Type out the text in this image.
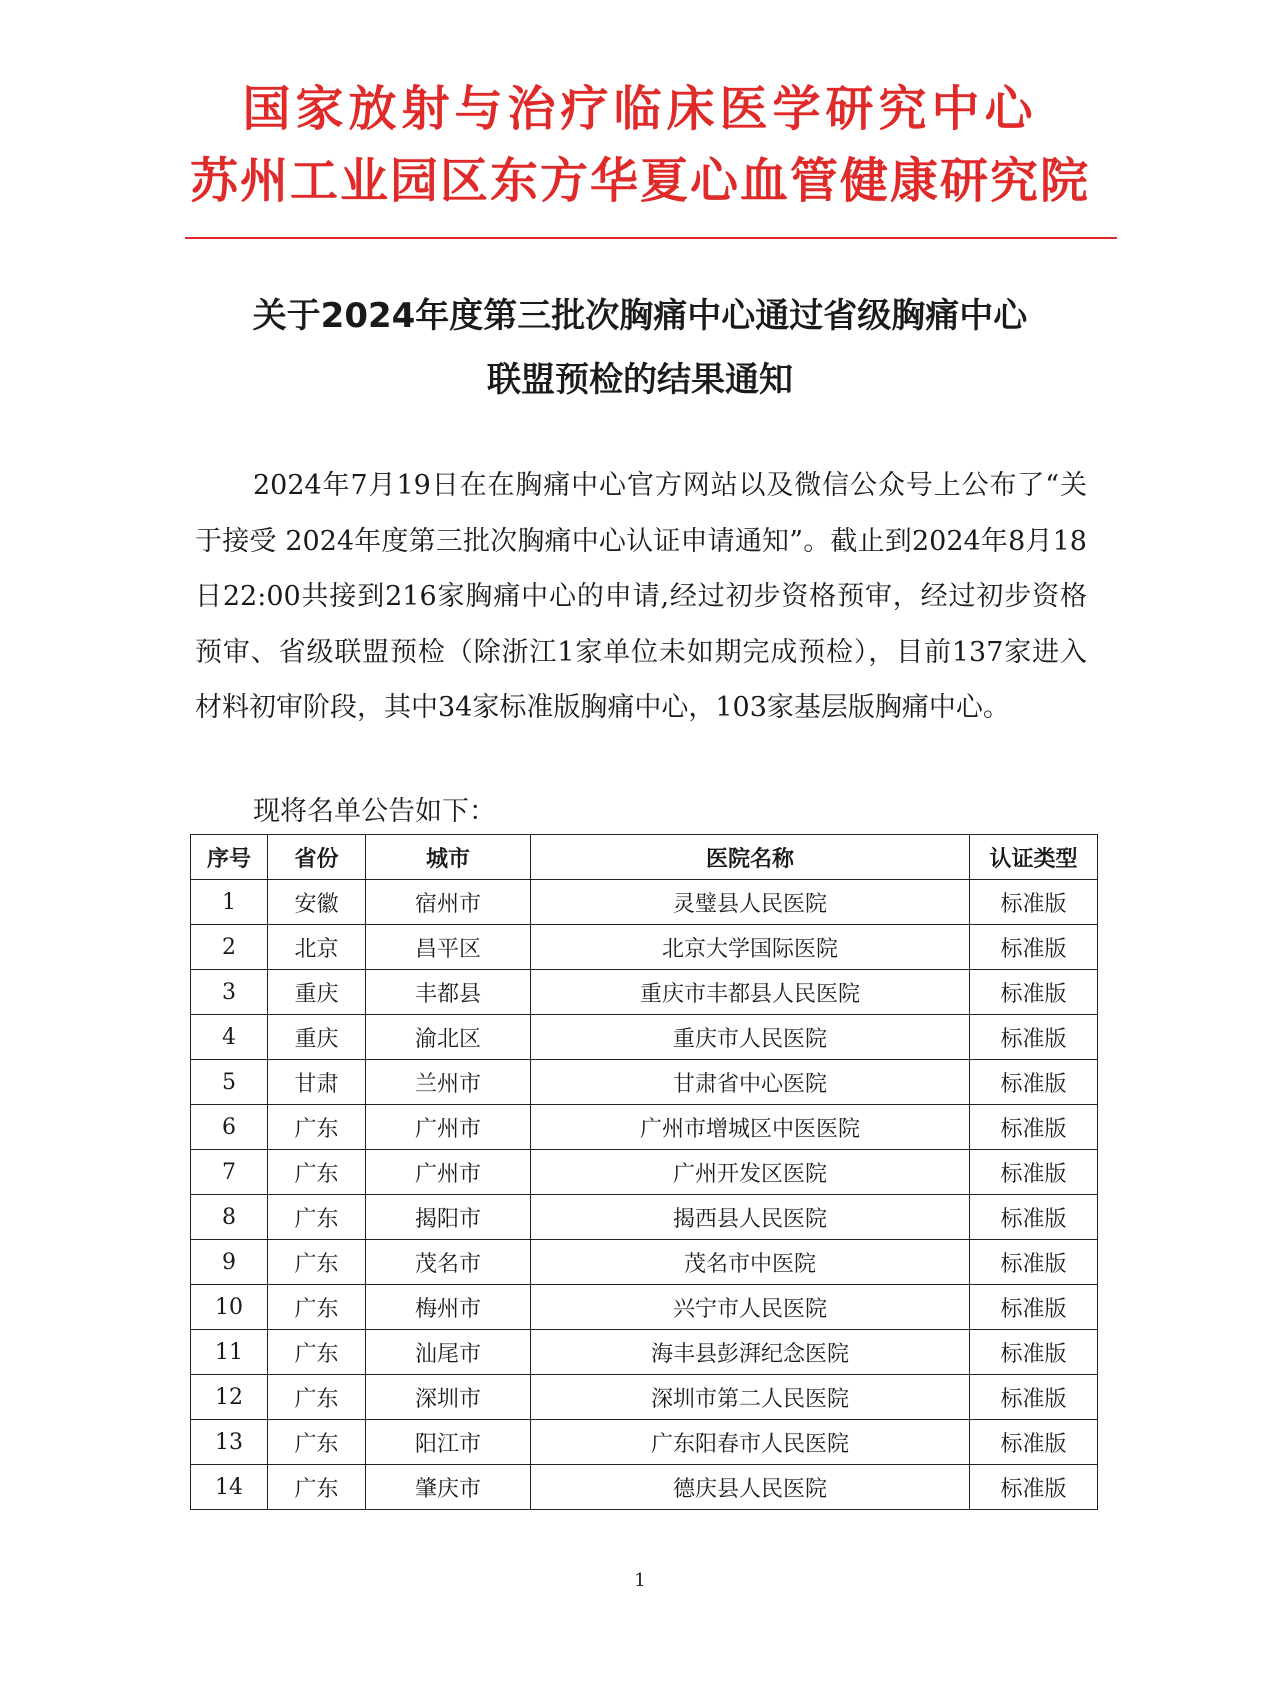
国家放射与治疗临床医学研究中心
苏州工业园区东方华夏心血管健康研究院
关于2024年度第三批次胸痛中心通过省级胸痛中心
联盟预检的结果通知
2024年7月19日在在胸痛中心官方网站以及微信公众号上公布了“关于接受 2024年度第三批次胸痛中心认证申请通知”。截止到2024年8月18日22:00共接到216家胸痛中心的申请,经过初步资格预审，经过初步资格预审、省级联盟预检（除浙江1家单位未如期完成预检），目前137家进入材料初审阶段，其中34家标准版胸痛中心，103家基层版胸痛中心。
现将名单公告如下：
序号	省份	城市	医院名称	认证类型
1	安徽	宿州市	灵璧县人民医院	标准版
2	北京	昌平区	北京大学国际医院	标准版
3	重庆	丰都县	重庆市丰都县人民医院	标准版
4	重庆	渝北区	重庆市人民医院	标准版
5	甘肃	兰州市	甘肃省中心医院	标准版
6	广东	广州市	广州市增城区中医医院	标准版
7	广东	广州市	广州开发区医院	标准版
8	广东	揭阳市	揭西县人民医院	标准版
9	广东	茂名市	茂名市中医院	标准版
10	广东	梅州市	兴宁市人民医院	标准版
11	广东	汕尾市	海丰县彭湃纪念医院	标准版
12	广东	深圳市	深圳市第二人民医院	标准版
13	广东	阳江市	广东阳春市人民医院	标准版
14	广东	肇庆市	德庆县人民医院	标准版
1
